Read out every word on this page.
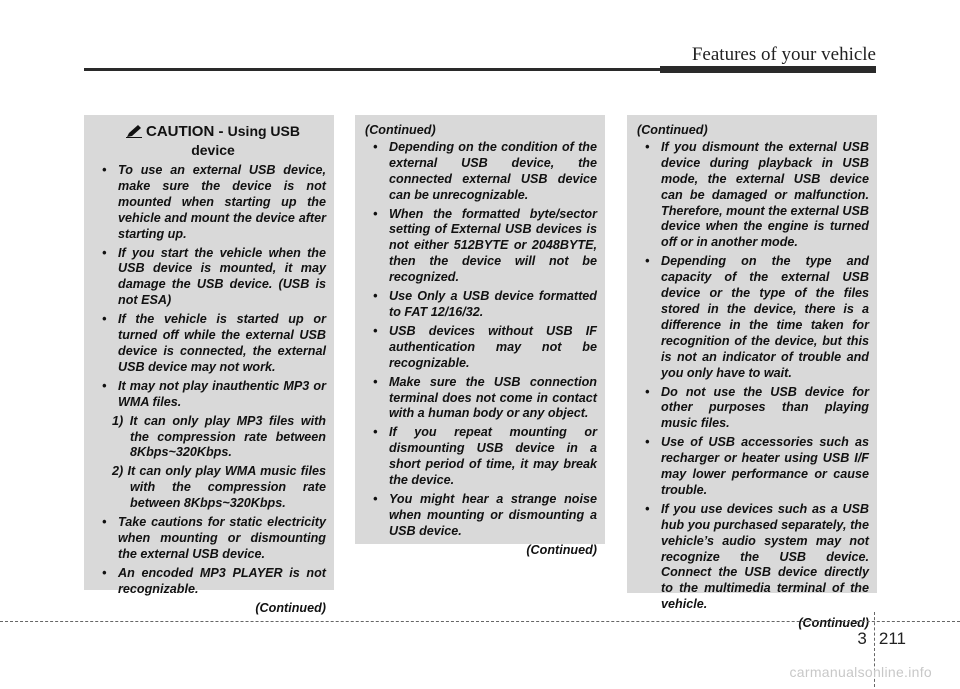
Features of your vehicle
CAUTION - Using USB
device
• To use an external USB device, make sure the device is not mounted when starting up the vehicle and mount the device after starting up.
• If you start the vehicle when the USB device is mounted, it may damage the USB device. (USB is not ESA)
• If the vehicle is started up or turned off while the external USB device is connected, the external USB device may not work.
• It may not play inauthentic MP3 or WMA files.
1) It can only play MP3 files with the compression rate between 8Kbps~320Kbps.
2) It can only play WMA music files with the compression rate between 8Kbps~320Kbps.
• Take cautions for static electricity when mounting or dismounting the external USB device.
• An encoded MP3 PLAYER is not recognizable.
(Continued)
(Continued)
• Depending on the condition of the external USB device, the connected external USB device can be unrecognizable.
• When the formatted byte/sector setting of External USB devices is not either 512BYTE or 2048BYTE, then the device will not be recognized.
• Use Only a USB device formatted to FAT 12/16/32.
• USB devices without USB IF authentication may not be recognizable.
• Make sure the USB connection terminal does not come in contact with a human body or any object.
• If you repeat mounting or dismounting USB device in a short period of time, it may break the device.
• You might hear a strange noise when mounting or dismounting a USB device.
(Continued)
(Continued)
• If you dismount the external USB device during playback in USB mode, the external USB device can be damaged or malfunction. Therefore, mount the external USB device when the engine is turned off or in another mode.
• Depending on the type and capacity of the external USB device or the type of the files stored in the device, there is a difference in the time taken for recognition of the device, but this is not an indicator of trouble and you only have to wait.
• Do not use the USB device for other purposes than playing music files.
• Use of USB accessories such as recharger or heater using USB I/F may lower performance or cause trouble.
• If you use devices such as a USB hub you purchased separately, the vehicle’s audio system may not recognize the USB device. Connect the USB device directly to the multimedia terminal of the vehicle.
(Continued)
3 211
carmanualsonline.info
